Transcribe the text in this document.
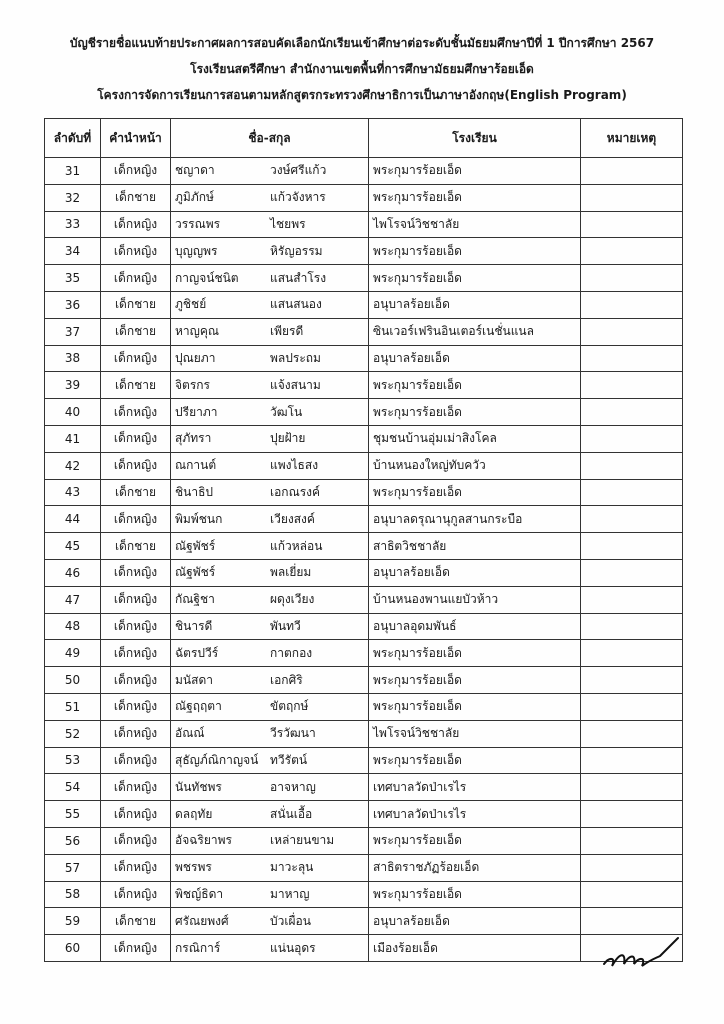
บัญชีรายชื่อแนบท้ายประกาศผลการสอบคัดเลือกนักเรียนเข้าศึกษาต่อระดับชั้นมัธยมศึกษาปีที่ 1 ปีการศึกษา 2567
โรงเรียนสตรีศึกษา สำนักงานเขตพื้นที่การศึกษามัธยมศึกษาร้อยเอ็ด
โครงการจัดการเรียนการสอนตามหลักสูตรกระทรวงศึกษาธิการเป็นภาษาอังกฤษ(English Program)
ลำดับที่	คำนำหน้า	ชื่อ-สกุล	โรงเรียน	หมายเหตุ
31	เด็กหญิง	ชญาดา วงษ์ศรีแก้ว	พระกุมารร้อยเอ็ด	
32	เด็กชาย	ภูมิภักษ์ แก้วจังหาร	พระกุมารร้อยเอ็ด	
33	เด็กหญิง	วรรณพร ไชยพร	ไพโรจน์วิชชาลัย	
34	เด็กหญิง	บุญญพร หิรัญอรรม	พระกุมารร้อยเอ็ด	
35	เด็กหญิง	กาญจน์ชนิต แสนสำโรง	พระกุมารร้อยเอ็ด	
36	เด็กชาย	ภูชิชย์ แสนสนอง	อนุบาลร้อยเอ็ด	
37	เด็กชาย	หาญคุณ เพียรดี	ซินเวอร์เฟรินอินเตอร์เนชั่นแนล	
38	เด็กหญิง	ปุณยภา พลประถม	อนุบาลร้อยเอ็ด	
39	เด็กชาย	จิตรกร แจ้งสนาม	พระกุมารร้อยเอ็ด	
40	เด็กหญิง	ปรียาภา วัฒโน	พระกุมารร้อยเอ็ด	
41	เด็กหญิง	สุภัทรา ปุยฝ้าย	ชุมชนบ้านอุ่มเม่าสิงโคล	
42	เด็กหญิง	ณกานต์ แพงไธสง	บ้านหนองใหญ่ทับควัว	
43	เด็กชาย	ชินาธิป เอกณรงค์	พระกุมารร้อยเอ็ด	
44	เด็กหญิง	พิมพ์ชนก เวียงสงค์	อนุบาลดรุณานุกูลสานกระบือ	
45	เด็กชาย	ณัฐพัชร์ แก้วหล่อน	สาธิตวิชชาลัย	
46	เด็กหญิง	ณัฐพัชร์ พลเยี่ยม	อนุบาลร้อยเอ็ด	
47	เด็กหญิง	กัณฐิชา ผดุงเวียง	บ้านหนองพานแยบัวห้าว	
48	เด็กหญิง	ชินารดี พันทวี	อนุบาลอุดมพันธ์	
49	เด็กหญิง	ฉัตรปวีร์ กาตกอง	พระกุมารร้อยเอ็ด	
50	เด็กหญิง	มนัสดา เอกศิริ	พระกุมารร้อยเอ็ด	
51	เด็กหญิง	ณัฐฤฤตา ขัตฤกษ์	พระกุมารร้อยเอ็ด	
52	เด็กหญิง	อัณณ์ วีรวัฒนา	ไพโรจน์วิชชาลัย	
53	เด็กหญิง	สุธัญภ์ณิกาญจน์ ทวีรัตน์	พระกุมารร้อยเอ็ด	
54	เด็กหญิง	นันทัชพร อาจหาญ	เทศบาลวัดป่าเรไร	
55	เด็กหญิง	ดลฤทัย สนั่นเอื้อ	เทศบาลวัดป่าเรไร	
56	เด็กหญิง	อัจฉริยาพร เหล่ายนขาม	พระกุมารร้อยเอ็ด	
57	เด็กหญิง	พชรพร มาวะลุน	สาธิตราชภัฏร้อยเอ็ด	
58	เด็กหญิง	พิชญ์ธิดา มาหาญ	พระกุมารร้อยเอ็ด	
59	เด็กชาย	ศรัณยพงศ์ บัวเผื่อน	อนุบาลร้อยเอ็ด	
60	เด็กหญิง	กรณิการ์ แน่นอุดร	เมืองร้อยเอ็ด	
